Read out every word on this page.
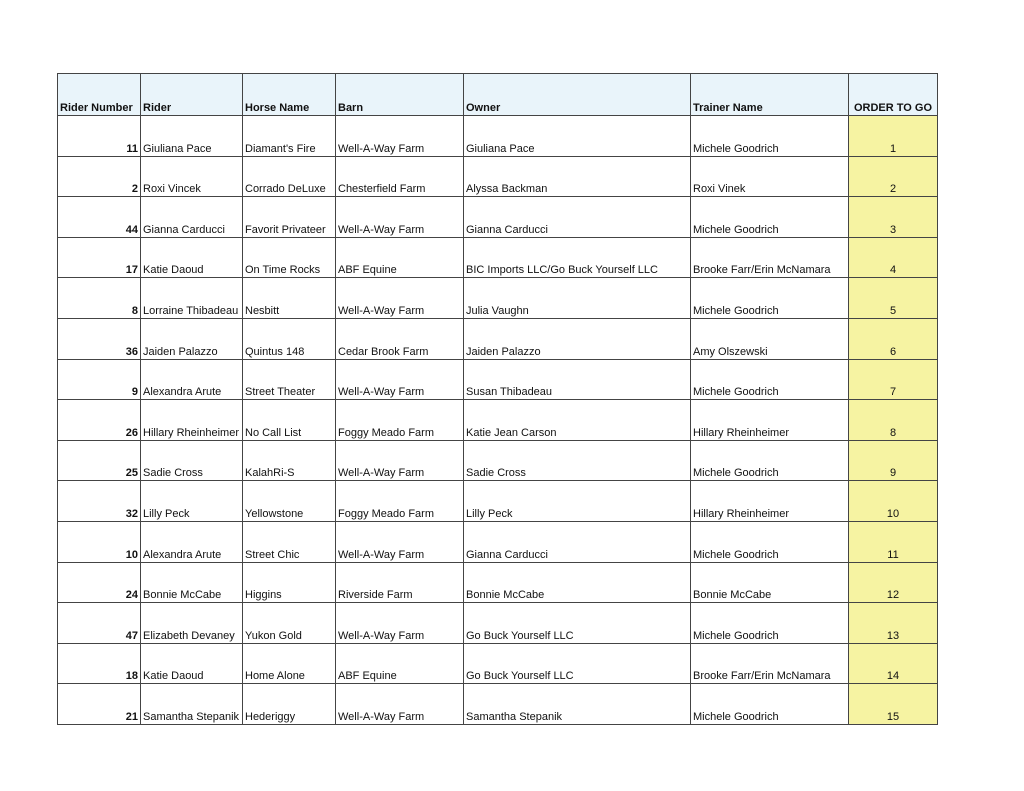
Rider Number	Rider	Horse Name	Barn	Owner	Trainer Name	ORDER TO GO
11	Giuliana Pace	Diamant's Fire	Well-A-Way Farm	Giuliana Pace	Michele Goodrich	1
2	Roxi Vincek	Corrado DeLuxe	Chesterfield Farm	Alyssa Backman	Roxi Vinek	2
44	Gianna Carducci	Favorit Privateer	Well-A-Way Farm	Gianna Carducci	Michele Goodrich	3
17	Katie Daoud	On Time Rocks	ABF Equine	BIC Imports LLC/Go Buck Yourself LLC	Brooke Farr/Erin McNamara	4
8	Lorraine Thibadeau	Nesbitt	Well-A-Way Farm	Julia Vaughn	Michele Goodrich	5
36	Jaiden Palazzo	Quintus 148	Cedar Brook Farm	Jaiden Palazzo	Amy Olszewski	6
9	Alexandra Arute	Street Theater	Well-A-Way Farm	Susan Thibadeau	Michele Goodrich	7
26	Hillary Rheinheimer	No Call List	Foggy Meado Farm	Katie Jean Carson	Hillary Rheinheimer	8
25	Sadie Cross	KalahRi-S	Well-A-Way Farm	Sadie Cross	Michele Goodrich	9
32	Lilly Peck	Yellowstone	Foggy Meado Farm	Lilly Peck	Hillary Rheinheimer	10
10	Alexandra Arute	Street Chic	Well-A-Way Farm	Gianna Carducci	Michele Goodrich	11
24	Bonnie McCabe	Higgins	Riverside Farm	Bonnie McCabe	Bonnie McCabe	12
47	Elizabeth Devaney	Yukon Gold	Well-A-Way Farm	Go Buck Yourself LLC	Michele Goodrich	13
18	Katie Daoud	Home Alone	ABF Equine	Go Buck Yourself LLC	Brooke Farr/Erin McNamara	14
21	Samantha Stepanik	Hederiggy	Well-A-Way Farm	Samantha Stepanik	Michele Goodrich	15
